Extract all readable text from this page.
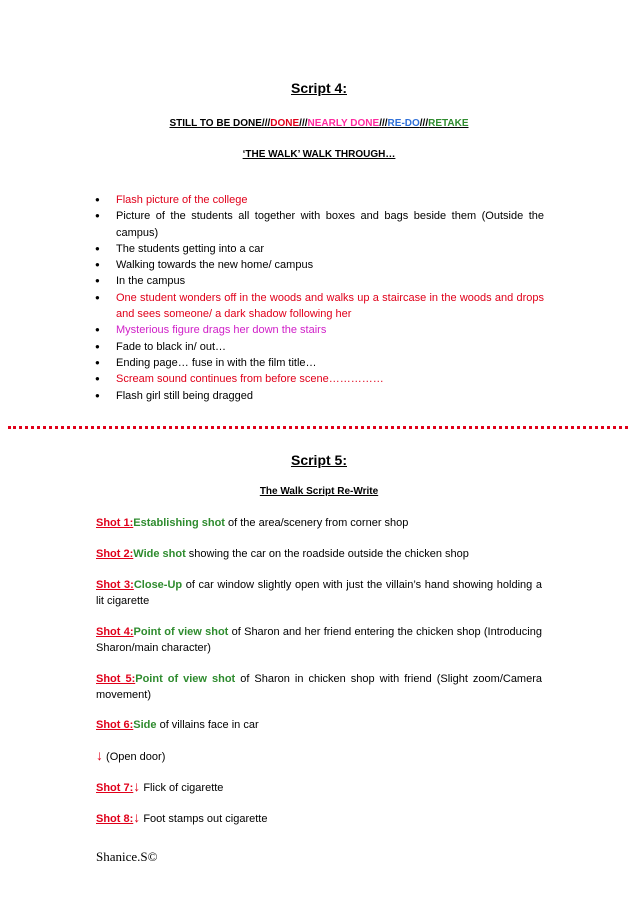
Script 4:
STILL TO BE DONE///DONE///NEARLY DONE///RE-DO///RETAKE
‘THE WALK’ WALK THROUGH…
● Flash picture of the college
● Picture of the students all together with boxes and bags beside them (Outside the campus)
● The students getting into a car
● Walking towards the new home/ campus
● In the campus
● One student wonders off in the woods and walks up a staircase in the woods and drops and sees someone/ a dark shadow following her
● Mysterious figure drags her down the stairs
● Fade to black in/ out…
● Ending page… fuse in with the film title…
● Scream sound continues from before scene……………
● Flash girl still being dragged
Script 5:
The Walk Script Re-Write
Shot 1:Establishing shot of the area/scenery from corner shop
Shot 2:Wide shot showing the car on the roadside outside the chicken shop
Shot 3:Close-Up of car window slightly open with just the villain’s hand showing holding a lit cigarette
Shot 4:Point of view shot of Sharon and her friend entering the chicken shop (Introducing Sharon/main character)
Shot 5:Point of view shot of Sharon in chicken shop with friend (Slight zoom/Camera movement)
Shot 6:Side of villains face in car
↓ (Open door)
Shot 7:↓ Flick of cigarette
Shot 8:↓ Foot stamps out cigarette
Shanice.S©
